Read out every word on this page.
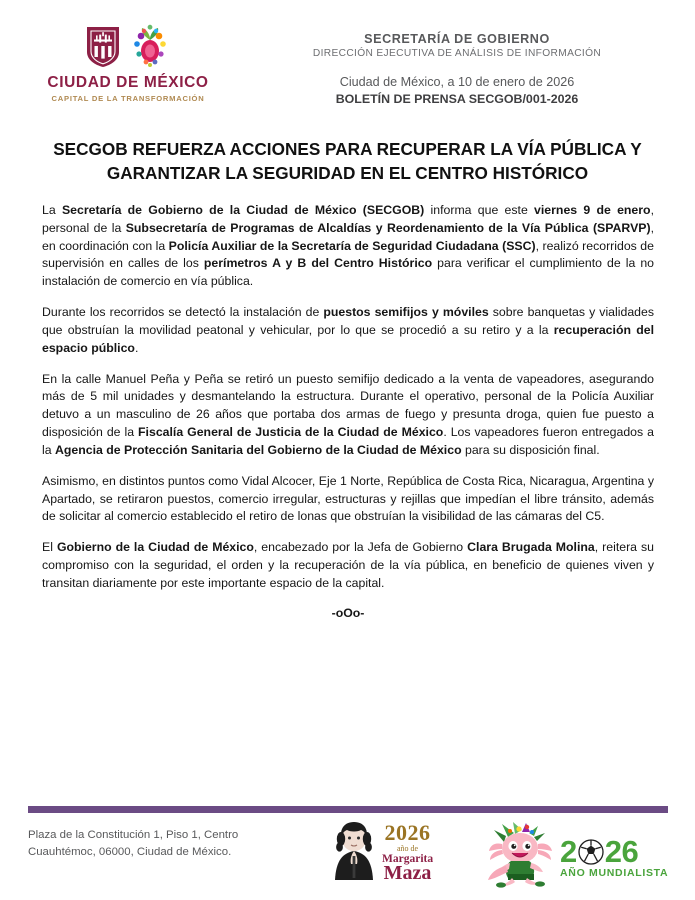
CIUDAD DE MÉXICO
CAPITAL DE LA TRANSFORMACIÓN
SECRETARÍA DE GOBIERNO
DIRECCIÓN EJECUTIVA DE ANÁLISIS DE INFORMACIÓN
Ciudad de México, a 10 de enero de 2026
BOLETÍN DE PRENSA SECGOB/001-2026
SECGOB REFUERZA ACCIONES PARA RECUPERAR LA VÍA PÚBLICA Y
GARANTIZAR LA SEGURIDAD EN EL CENTRO HISTÓRICO
La Secretaría de Gobierno de la Ciudad de México (SECGOB) informa que este viernes 9 de enero, personal de la Subsecretaría de Programas de Alcaldías y Reordenamiento de la Vía Pública (SPARVP), en coordinación con la Policía Auxiliar de la Secretaría de Seguridad Ciudadana (SSC), realizó recorridos de supervisión en calles de los perímetros A y B del Centro Histórico para verificar el cumplimiento de la no instalación de comercio en vía pública.
Durante los recorridos se detectó la instalación de puestos semifijos y móviles sobre banquetas y vialidades que obstruían la movilidad peatonal y vehicular, por lo que se procedió a su retiro y a la recuperación del espacio público.
En la calle Manuel Peña y Peña se retiró un puesto semifijo dedicado a la venta de vapeadores, asegurando más de 5 mil unidades y desmantelando la estructura. Durante el operativo, personal de la Policía Auxiliar detuvo a un masculino de 26 años que portaba dos armas de fuego y presunta droga, quien fue puesto a disposición de la Fiscalía General de Justicia de la Ciudad de México. Los vapeadores fueron entregados a la Agencia de Protección Sanitaria del Gobierno de la Ciudad de México para su disposición final.
Asimismo, en distintos puntos como Vidal Alcocer, Eje 1 Norte, República de Costa Rica, Nicaragua, Argentina y Apartado, se retiraron puestos, comercio irregular, estructuras y rejillas que impedían el libre tránsito, además de solicitar al comercio establecido el retiro de lonas que obstruían la visibilidad de las cámaras del C5.
El Gobierno de la Ciudad de México, encabezado por la Jefa de Gobierno Clara Brugada Molina, reitera su compromiso con la seguridad, el orden y la recuperación de la vía pública, en beneficio de quienes viven y transitan diariamente por este importante espacio de la capital.
-oOo-
Plaza de la Constitución 1, Piso 1, Centro
Cuauhtémoc, 06000, Ciudad de México.
2026
año de
Margarita
Maza
2 26
AÑO MUNDIALISTA
